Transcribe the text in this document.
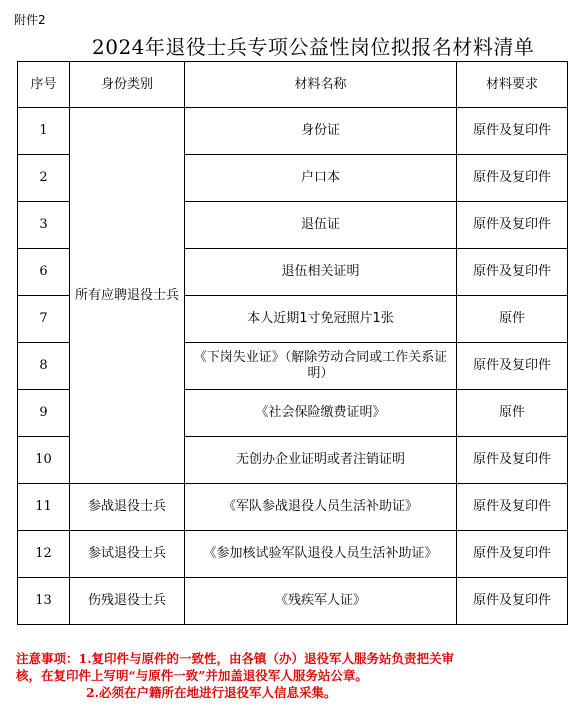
附件2
2024年退役士兵专项公益性岗位拟报名材料清单
序号	身份类别	材料名称	材料要求
1	所有应聘退役士兵	身份证	原件及复印件
2		户口本	原件及复印件
3		退伍证	原件及复印件
6		退伍相关证明	原件及复印件
7		本人近期1寸免冠照片1张	原件
8		《下岗失业证》（解除劳动合同或工作关系证明）	原件及复印件
9		《社会保险缴费证明》	原件
10		无创办企业证明或者注销证明	原件及复印件
11	参战退役士兵	《军队参战退役人员生活补助证》	原件及复印件
12	参试退役士兵	《参加核试验军队退役人员生活补助证》	原件及复印件
13	伤残退役士兵	《残疾军人证》	原件及复印件
注意事项：1.复印件与原件的一致性，由各镇（办）退役军人服务站负责把关审
核，在复印件上写明“与原件一致”并加盖退役军人服务站公章。
2.必须在户籍所在地进行退役军人信息采集。
